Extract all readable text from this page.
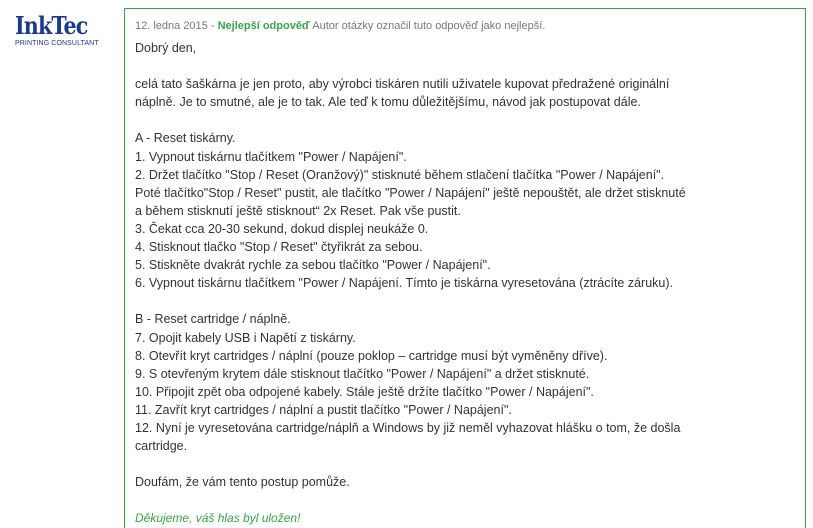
InkTec
PRINTING CONSULTANT
12. ledna 2015 - Nejlepší odpověď Autor otázky označil tuto odpověď jako nejlepší.

Dobrý den,

celá tato šaškárna je jen proto, aby výrobci tiskáren nutili uživatele kupovat předražené originální

náplně. Je to smutné, ale je to tak. Ale teď k tomu důležitějšímu, návod jak postupovat dále.

A - Reset tiskárny.

1. Vypnout tiskárnu tlačítkem "Power / Napájení".

2. Držet tlačítko "Stop / Reset (Oranžový)" stisknuté během stlačení tlačítka "Power / Napájení".

Poté tlačítko"Stop / Reset" pustit, ale tlačítko "Power / Napájení" ještě nepouštět, ale držet stisknuté

a během stisknutí ještě stisknout“ 2x Reset. Pak vše pustit.

3. Čekat cca 20-30 sekund, dokud displej neukáže 0.

4. Stisknout tlačko "Stop / Reset" čtyřikrát za sebou.

5. Stiskněte dvakrát rychle za sebou tlačítko "Power / Napájení".

6. Vypnout tiskárnu tlačítkem "Power / Napájení. Tímto je tiskárna vyresetována (ztrácíte záruku).

B - Reset cartridge / náplně.

7. Opojit kabely USB i Napětí z tiskárny.

8. Otevřít kryt cartridges / náplní (pouze poklop – cartridge musí být vyměněny dříve).

9. S otevřeným krytem dále stisknout tlačítko "Power / Napájení" a držet stisknuté.

10. Připojit zpět oba odpojené kabely. Stále ještě držíte tlačítko "Power / Napájení".

11. Zavřít kryt cartridges / náplní a pustit tlačítko "Power / Napájení".

12. Nyní je vyresetována cartridge/náplň a Windows by již neměl vyhazovat hlášku o tom, že došla

cartridge.

Doufám, že vám tento postup pomůže.

Děkujeme, váš hlas byl uložen!
